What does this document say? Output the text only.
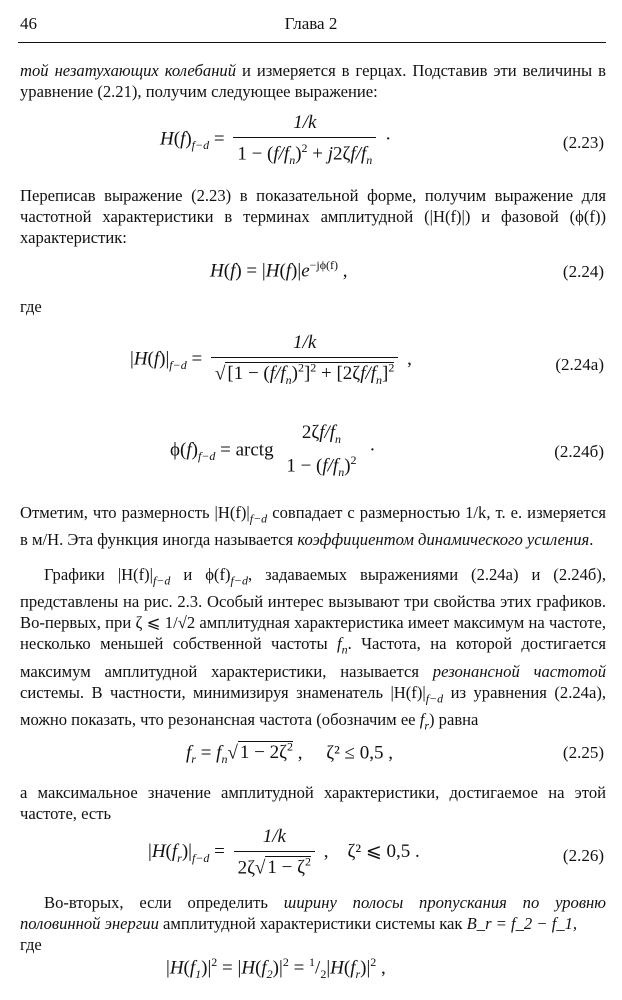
46	Глава 2

той незатухающих колебаний и измеряется в герцах. Подставив эти величины в уравнение (2.21), получим следующее выражение:

$H(f)_{f-d} = \frac{1/k}{1 - (f/f_n)^2 + j2\zeta f/f_n}$ ·	(2.23)

Переписав выражение (2.23) в показательной форме, получим выражение для частотной характеристики в терминах амплитудной (|H(f)|) и фазовой (ϕ(f)) характеристик:

$H(f) = |H(f)|e^{-j\phi(f)}$ ,	(2.24)

где

$|H(f)|_{f-d} = \frac{1/k}{√ [1 - (f/f_n)^2]^2 + [2\zeta f/f_n]^2}$ ,	(2.24а)
$\phi(f)_{f-d}$ = arctg
$2\zeta f/f_n$
$1 - (f/f_n)^2$ ·	(2.24б)

Отметим, что размерность $|H(f)|_{f-d}$ совпадает с размерностью 1/k, т. е. измеряется в м/Н. Эта функция иногда называется коэффициентом динамического усиления.

Графики $|H(f)|_{f-d}$ и $\phi(f)_{f-d}$, задаваемых выражениями (2.24а) и (2.24б), представлены на рис. 2.3. Особый интерес вызывают три свойства этих графиков. Во-первых, при ζ ⩽ 1/√2 амплитудная характеристика имеет максимум на частоте, несколько меньшей собственной частоты $f_n$. Частота, на которой достигается максимум амплитудной характеристики, называется резонансной частотой системы. В частности, минимизируя знаменатель $|H(f)|_{f-d}$ из уравнения (2.24а), можно показать, что резонансная частота (обозначим ее $f_r$) равна

$f_r = f_n√$ $1 - 2\zeta^2$ ,     ζ² ≤ 0,5 ,	(2.25)

а максимальное значение амплитудной характеристики, достигаемое на этой частоте, есть

$|H(f_r)|_{f-d} = \frac{1/k}{2\zeta√ 1 - \zeta^2}$ ,    ζ² ⩽ 0,5 .	(2.26)

Во-вторых, если определить ширину полосы пропускания по уровню половинной энергии амплитудной характеристики системы как B_r = f_2 − f_1,
где

$|H(f_1)|^2 = |H(f_2)|^2 = ^1/_2|H(f_r)|^2$ ,
